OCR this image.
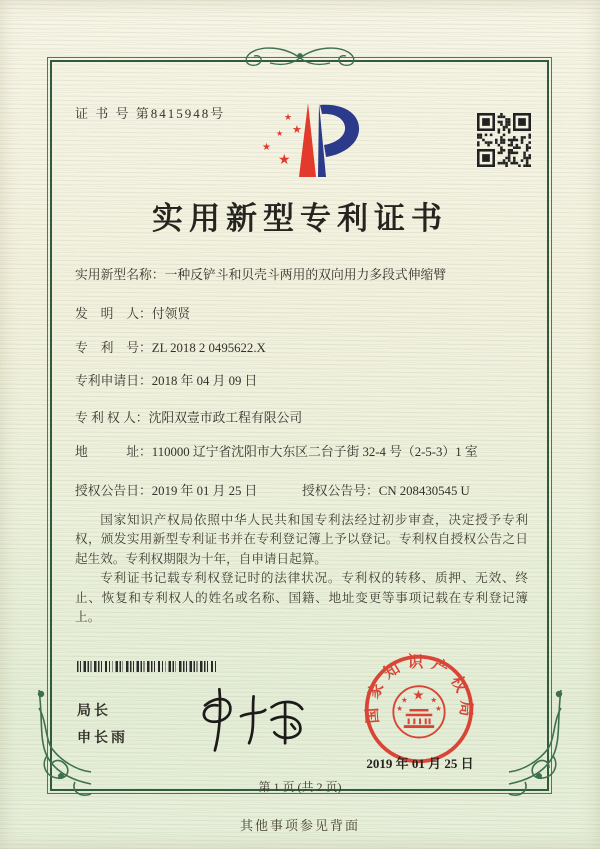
证 书 号 第8415948号	★
★
★
★
★
实用新型专利证书
实用新型名称：一种反铲斗和贝壳斗两用的双向用力多段式伸缩臂
发　明　人：付领贤
专　利　号：ZL 2018 2 0495622.X
专利申请日：2018 年 04 月 09 日
专 利 权 人：沈阳双壹市政工程有限公司
地　　　址：110000 辽宁省沈阳市大东区二台子街 32-4 号（2-5-3）1 室
授权公告日：2019 年 01 月 25 日	授权公告号：CN 208430545 U

国家知识产权局依照中华人民共和国专利法经过初步审查，决定授予专利权，颁发实用新型专利证书并在专利登记簿上予以登记。专利权自授权公告之日起生效。专利权期限为十年，自申请日起算。

专利证书记载专利权登记时的法律状况。专利权的转移、质押、无效、终止、恢复和专利权人的姓名或名称、国籍、地址变更等事项记载在专利登记簿上。

局长
申长雨
国家知识产权局
★
★	★
★	★
2019 年 01 月 25 日
第 1 页 (共 2 页)
其他事项参见背面
